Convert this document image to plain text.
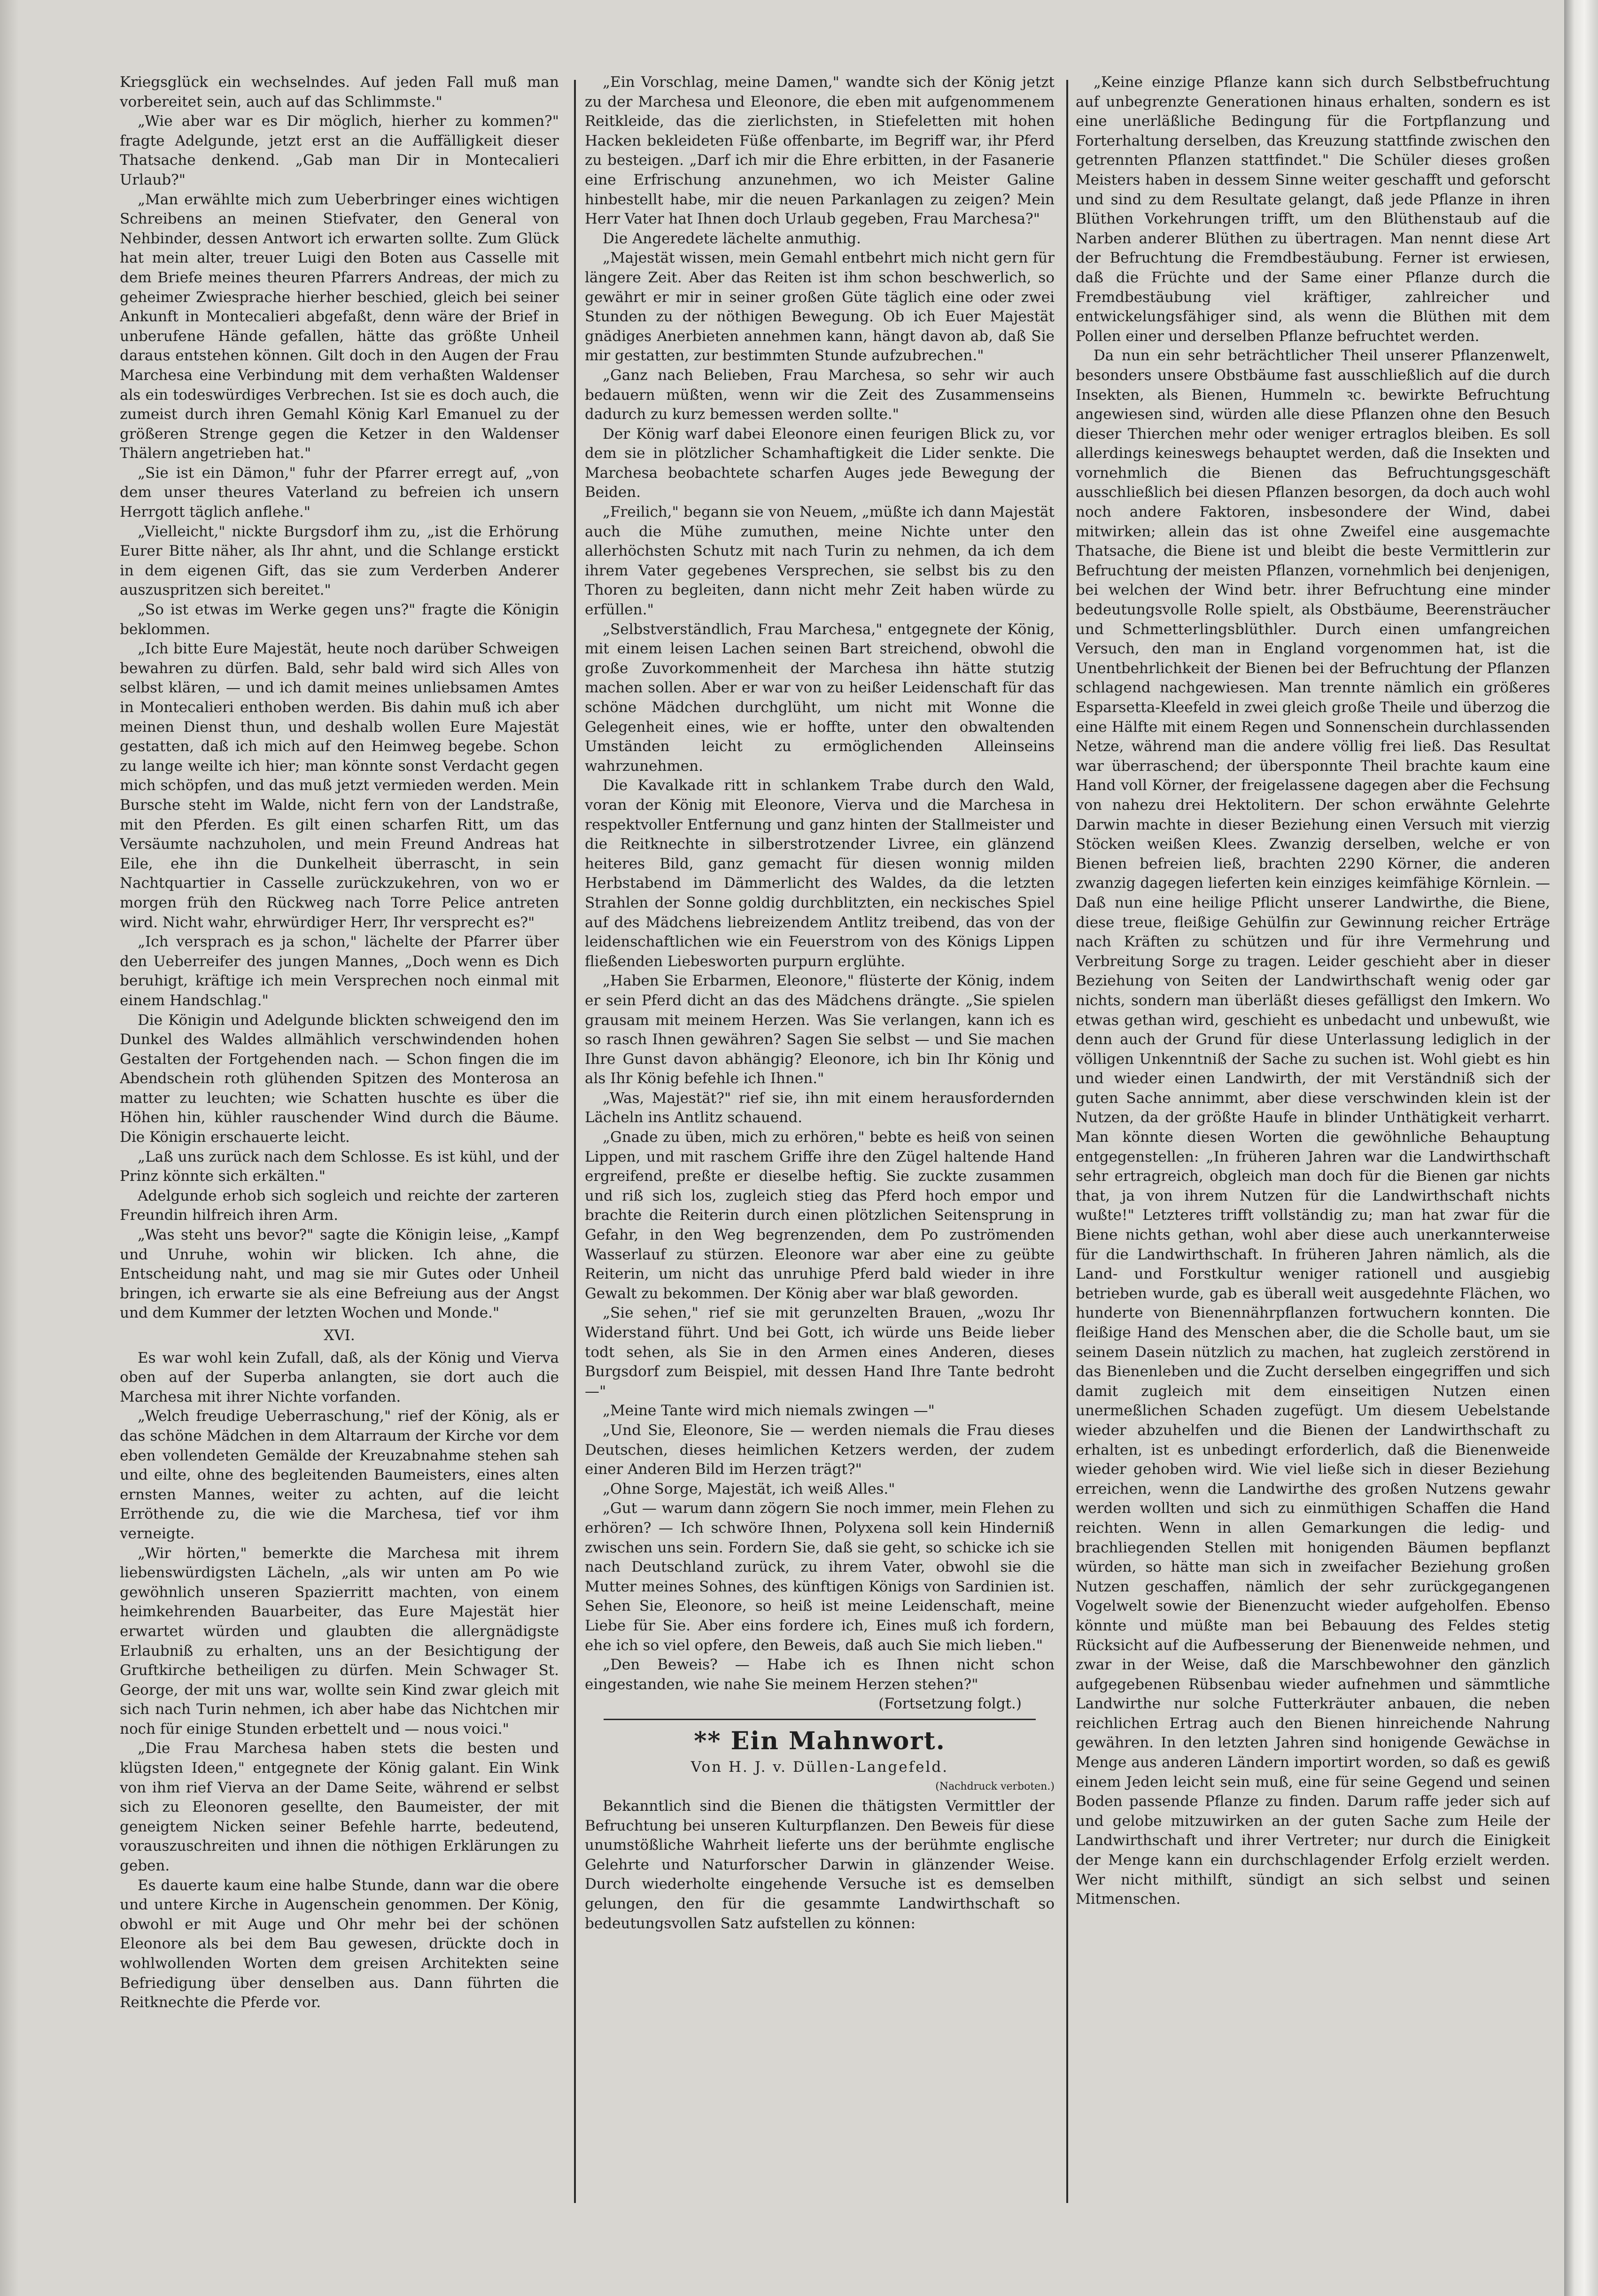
Kriegsglück ein wechselndes. Auf jeden Fall muß man vorbereitet sein, auch auf das Schlimmste."

„Wie aber war es Dir möglich, hierher zu kommen?" fragte Adelgunde, jetzt erst an die Auffälligkeit dieser Thatsache denkend. „Gab man Dir in Montecalieri Urlaub?"

„Man erwählte mich zum Ueberbringer eines wichtigen Schreibens an meinen Stiefvater, den General von Nehbinder, dessen Antwort ich erwarten sollte. Zum Glück hat mein alter, treuer Luigi den Boten aus Casselle mit dem Briefe meines theuren Pfarrers Andreas, der mich zu geheimer Zwiesprache hierher beschied, gleich bei seiner Ankunft in Montecalieri abgefaßt, denn wäre der Brief in unberufene Hände gefallen, hätte das größte Unheil daraus entstehen können. Gilt doch in den Augen der Frau Marchesa eine Verbindung mit dem verhaßten Waldenser als ein todeswürdiges Verbrechen. Ist sie es doch auch, die zumeist durch ihren Gemahl König Karl Emanuel zu der größeren Strenge gegen die Ketzer in den Waldenser Thälern angetrieben hat."

„Sie ist ein Dämon," fuhr der Pfarrer erregt auf, „von dem unser theures Vaterland zu befreien ich unsern Herrgott täglich anflehe."

„Vielleicht," nickte Burgsdorf ihm zu, „ist die Erhörung Eurer Bitte näher, als Ihr ahnt, und die Schlange erstickt in dem eigenen Gift, das sie zum Verderben Anderer auszuspritzen sich bereitet."

„So ist etwas im Werke gegen uns?" fragte die Königin beklommen.

„Ich bitte Eure Majestät, heute noch darüber Schweigen bewahren zu dürfen. Bald, sehr bald wird sich Alles von selbst klären, — und ich damit meines unliebsamen Amtes in Montecalieri enthoben werden. Bis dahin muß ich aber meinen Dienst thun, und deshalb wollen Eure Majestät gestatten, daß ich mich auf den Heimweg begebe. Schon zu lange weilte ich hier; man könnte sonst Verdacht gegen mich schöpfen, und das muß jetzt vermieden werden. Mein Bursche steht im Walde, nicht fern von der Landstraße, mit den Pferden. Es gilt einen scharfen Ritt, um das Versäumte nachzuholen, und mein Freund Andreas hat Eile, ehe ihn die Dunkelheit überrascht, in sein Nachtquartier in Casselle zurückzukehren, von wo er morgen früh den Rückweg nach Torre Pelice antreten wird. Nicht wahr, ehrwürdiger Herr, Ihr versprecht es?"

„Ich versprach es ja schon," lächelte der Pfarrer über den Ueberreifer des jungen Mannes, „Doch wenn es Dich beruhigt, kräftige ich mein Versprechen noch einmal mit einem Handschlag."

Die Königin und Adelgunde blickten schweigend den im Dunkel des Waldes allmählich verschwindenden hohen Gestalten der Fortgehenden nach. — Schon fingen die im Abendschein roth glühenden Spitzen des Monterosa an matter zu leuchten; wie Schatten huschte es über die Höhen hin, kühler rauschender Wind durch die Bäume. Die Königin erschauerte leicht.

„Laß uns zurück nach dem Schlosse. Es ist kühl, und der Prinz könnte sich erkälten."

Adelgunde erhob sich sogleich und reichte der zarteren Freundin hilfreich ihren Arm.

„Was steht uns bevor?" sagte die Königin leise, „Kampf und Unruhe, wohin wir blicken. Ich ahne, die Entscheidung naht, und mag sie mir Gutes oder Unheil bringen, ich erwarte sie als eine Befreiung aus der Angst und dem Kummer der letzten Wochen und Monde."

XVI.

Es war wohl kein Zufall, daß, als der König und Vierva oben auf der Superba anlangten, sie dort auch die Marchesa mit ihrer Nichte vorfanden.

„Welch freudige Ueberraschung," rief der König, als er das schöne Mädchen in dem Altarraum der Kirche vor dem eben vollendeten Gemälde der Kreuzabnahme stehen sah und eilte, ohne des begleitenden Baumeisters, eines alten ernsten Mannes, weiter zu achten, auf die leicht Erröthende zu, die wie die Marchesa, tief vor ihm verneigte.

„Wir hörten," bemerkte die Marchesa mit ihrem liebenswürdigsten Lächeln, „als wir unten am Po wie gewöhnlich unseren Spazierritt machten, von einem heimkehrenden Bauarbeiter, das Eure Majestät hier erwartet würden und glaubten die allergnädigste Erlaubniß zu erhalten, uns an der Besichtigung der Gruftkirche betheiligen zu dürfen. Mein Schwager St. George, der mit uns war, wollte sein Kind zwar gleich mit sich nach Turin nehmen, ich aber habe das Nichtchen mir noch für einige Stunden erbettelt und — nous voici."

„Die Frau Marchesa haben stets die besten und klügsten Ideen," entgegnete der König galant. Ein Wink von ihm rief Vierva an der Dame Seite, während er selbst sich zu Eleonoren gesellte, den Baumeister, der mit geneigtem Nicken seiner Befehle harrte, bedeutend, vorauszuschreiten und ihnen die nöthigen Erklärungen zu geben.

Es dauerte kaum eine halbe Stunde, dann war die obere und untere Kirche in Augenschein genommen. Der König, obwohl er mit Auge und Ohr mehr bei der schönen Eleonore als bei dem Bau gewesen, drückte doch in wohlwollenden Worten dem greisen Architekten seine Befriedigung über denselben aus. Dann führten die Reitknechte die Pferde vor.

„Ein Vorschlag, meine Damen," wandte sich der König jetzt zu der Marchesa und Eleonore, die eben mit aufgenommenem Reitkleide, das die zierlichsten, in Stiefeletten mit hohen Hacken bekleideten Füße offenbarte, im Begriff war, ihr Pferd zu besteigen. „Darf ich mir die Ehre erbitten, in der Fasanerie eine Erfrischung anzunehmen, wo ich Meister Galine hinbestellt habe, mir die neuen Parkanlagen zu zeigen? Mein Herr Vater hat Ihnen doch Urlaub gegeben, Frau Marchesa?"

Die Angeredete lächelte anmuthig.

„Majestät wissen, mein Gemahl entbehrt mich nicht gern für längere Zeit. Aber das Reiten ist ihm schon beschwerlich, so gewährt er mir in seiner großen Güte täglich eine oder zwei Stunden zu der nöthigen Bewegung. Ob ich Euer Majestät gnädiges Anerbieten annehmen kann, hängt davon ab, daß Sie mir gestatten, zur bestimmten Stunde aufzubrechen."

„Ganz nach Belieben, Frau Marchesa, so sehr wir auch bedauern müßten, wenn wir die Zeit des Zusammenseins dadurch zu kurz bemessen werden sollte."

Der König warf dabei Eleonore einen feurigen Blick zu, vor dem sie in plötzlicher Schamhaftigkeit die Lider senkte. Die Marchesa beobachtete scharfen Auges jede Bewegung der Beiden.

„Freilich," begann sie von Neuem, „müßte ich dann Majestät auch die Mühe zumuthen, meine Nichte unter den allerhöchsten Schutz mit nach Turin zu nehmen, da ich dem ihrem Vater gegebenes Versprechen, sie selbst bis zu den Thoren zu begleiten, dann nicht mehr Zeit haben würde zu erfüllen."

„Selbstverständlich, Frau Marchesa," entgegnete der König, mit einem leisen Lachen seinen Bart streichend, obwohl die große Zuvorkommenheit der Marchesa ihn hätte stutzig machen sollen. Aber er war von zu heißer Leidenschaft für das schöne Mädchen durchglüht, um nicht mit Wonne die Gelegenheit eines, wie er hoffte, unter den obwaltenden Umständen leicht zu ermöglichenden Alleinseins wahrzunehmen.

Die Kavalkade ritt in schlankem Trabe durch den Wald, voran der König mit Eleonore, Vierva und die Marchesa in respektvoller Entfernung und ganz hinten der Stallmeister und die Reitknechte in silberstrotzender Livree, ein glänzend heiteres Bild, ganz gemacht für diesen wonnig milden Herbstabend im Dämmerlicht des Waldes, da die letzten Strahlen der Sonne goldig durchblitzten, ein neckisches Spiel auf des Mädchens liebreizendem Antlitz treibend, das von der leidenschaftlichen wie ein Feuerstrom von des Königs Lippen fließenden Liebesworten purpurn erglühte.

„Haben Sie Erbarmen, Eleonore," flüsterte der König, indem er sein Pferd dicht an das des Mädchens drängte. „Sie spielen grausam mit meinem Herzen. Was Sie verlangen, kann ich es so rasch Ihnen gewähren? Sagen Sie selbst — und Sie machen Ihre Gunst davon abhängig? Eleonore, ich bin Ihr König und als Ihr König befehle ich Ihnen."

„Was, Majestät?" rief sie, ihn mit einem herausfordernden Lächeln ins Antlitz schauend.

„Gnade zu üben, mich zu erhören," bebte es heiß von seinen Lippen, und mit raschem Griffe ihre den Zügel haltende Hand ergreifend, preßte er dieselbe heftig. Sie zuckte zusammen und riß sich los, zugleich stieg das Pferd hoch empor und brachte die Reiterin durch einen plötzlichen Seitensprung in Gefahr, in den Weg begrenzenden, dem Po zuströmenden Wasserlauf zu stürzen. Eleonore war aber eine zu geübte Reiterin, um nicht das unruhige Pferd bald wieder in ihre Gewalt zu bekommen. Der König aber war blaß geworden.

„Sie sehen," rief sie mit gerunzelten Brauen, „wozu Ihr Widerstand führt. Und bei Gott, ich würde uns Beide lieber todt sehen, als Sie in den Armen eines Anderen, dieses Burgsdorf zum Beispiel, mit dessen Hand Ihre Tante bedroht —"

„Meine Tante wird mich niemals zwingen —"

„Und Sie, Eleonore, Sie — werden niemals die Frau dieses Deutschen, dieses heimlichen Ketzers werden, der zudem einer Anderen Bild im Herzen trägt?"

„Ohne Sorge, Majestät, ich weiß Alles."

„Gut — warum dann zögern Sie noch immer, mein Flehen zu erhören? — Ich schwöre Ihnen, Polyxena soll kein Hinderniß zwischen uns sein. Fordern Sie, daß sie geht, so schicke ich sie nach Deutschland zurück, zu ihrem Vater, obwohl sie die Mutter meines Sohnes, des künftigen Königs von Sardinien ist. Sehen Sie, Eleonore, so heiß ist meine Leidenschaft, meine Liebe für Sie. Aber eins fordere ich, Eines muß ich fordern, ehe ich so viel opfere, den Beweis, daß auch Sie mich lieben."

„Den Beweis? — Habe ich es Ihnen nicht schon eingestanden, wie nahe Sie meinem Herzen stehen?"

(Fortsetzung folgt.)

** Ein Mahnwort.
Von H. J. v. Düllen-Langefeld.
(Nachdruck verboten.)

Bekanntlich sind die Bienen die thätigsten Vermittler der Befruchtung bei unseren Kulturpflanzen. Den Beweis für diese unumstößliche Wahrheit lieferte uns der berühmte englische Gelehrte und Naturforscher Darwin in glänzender Weise. Durch wiederholte eingehende Versuche ist es demselben gelungen, den für die gesammte Landwirthschaft so bedeutungsvollen Satz aufstellen zu können:

„Keine einzige Pflanze kann sich durch Selbstbefruchtung auf unbegrenzte Generationen hinaus erhalten, sondern es ist eine unerläßliche Bedingung für die Fortpflanzung und Forterhaltung derselben, das Kreuzung stattfinde zwischen den getrennten Pflanzen stattfindet." Die Schüler dieses großen Meisters haben in dessem Sinne weiter geschafft und geforscht und sind zu dem Resultate gelangt, daß jede Pflanze in ihren Blüthen Vorkehrungen trifft, um den Blüthenstaub auf die Narben anderer Blüthen zu übertragen. Man nennt diese Art der Befruchtung die Fremdbestäubung. Ferner ist erwiesen, daß die Früchte und der Same einer Pflanze durch die Fremdbestäubung viel kräftiger, zahlreicher und entwickelungsfähiger sind, als wenn die Blüthen mit dem Pollen einer und derselben Pflanze befruchtet werden.

Da nun ein sehr beträchtlicher Theil unserer Pflanzenwelt, besonders unsere Obstbäume fast ausschließlich auf die durch Insekten, als Bienen, Hummeln ꝛc. bewirkte Befruchtung angewiesen sind, würden alle diese Pflanzen ohne den Besuch dieser Thierchen mehr oder weniger ertraglos bleiben. Es soll allerdings keineswegs behauptet werden, daß die Insekten und vornehmlich die Bienen das Befruchtungsgeschäft ausschließlich bei diesen Pflanzen besorgen, da doch auch wohl noch andere Faktoren, insbesondere der Wind, dabei mitwirken; allein das ist ohne Zweifel eine ausgemachte Thatsache, die Biene ist und bleibt die beste Vermittlerin zur Befruchtung der meisten Pflanzen, vornehmlich bei denjenigen, bei welchen der Wind betr. ihrer Befruchtung eine minder bedeutungsvolle Rolle spielt, als Obstbäume, Beerensträucher und Schmetterlingsblüthler. Durch einen umfangreichen Versuch, den man in England vorgenommen hat, ist die Unentbehrlichkeit der Bienen bei der Befruchtung der Pflanzen schlagend nachgewiesen. Man trennte nämlich ein größeres Esparsetta-Kleefeld in zwei gleich große Theile und überzog die eine Hälfte mit einem Regen und Sonnenschein durchlassenden Netze, während man die andere völlig frei ließ. Das Resultat war überraschend; der übersponnte Theil brachte kaum eine Hand voll Körner, der freigelassene dagegen aber die Fechsung von nahezu drei Hektolitern. Der schon erwähnte Gelehrte Darwin machte in dieser Beziehung einen Versuch mit vierzig Stöcken weißen Klees. Zwanzig derselben, welche er von Bienen befreien ließ, brachten 2290 Körner, die anderen zwanzig dagegen lieferten kein einziges keimfähige Körnlein. — Daß nun eine heilige Pflicht unserer Landwirthe, die Biene, diese treue, fleißige Gehülfin zur Gewinnung reicher Erträge nach Kräften zu schützen und für ihre Vermehrung und Verbreitung Sorge zu tragen. Leider geschieht aber in dieser Beziehung von Seiten der Landwirthschaft wenig oder gar nichts, sondern man überläßt dieses gefälligst den Imkern. Wo etwas gethan wird, geschieht es unbedacht und unbewußt, wie denn auch der Grund für diese Unterlassung lediglich in der völligen Unkenntniß der Sache zu suchen ist. Wohl giebt es hin und wieder einen Landwirth, der mit Verständniß sich der guten Sache annimmt, aber diese verschwinden klein ist der Nutzen, da der größte Haufe in blinder Unthätigkeit verharrt. Man könnte diesen Worten die gewöhnliche Behauptung entgegenstellen: „In früheren Jahren war die Landwirthschaft sehr ertragreich, obgleich man doch für die Bienen gar nichts that, ja von ihrem Nutzen für die Landwirthschaft nichts wußte!" Letzteres trifft vollständig zu; man hat zwar für die Biene nichts gethan, wohl aber diese auch unerkannterweise für die Landwirthschaft. In früheren Jahren nämlich, als die Land- und Forstkultur weniger rationell und ausgiebig betrieben wurde, gab es überall weit ausgedehnte Flächen, wo hunderte von Bienennährpflanzen fortwuchern konnten. Die fleißige Hand des Menschen aber, die die Scholle baut, um sie seinem Dasein nützlich zu machen, hat zugleich zerstörend in das Bienenleben und die Zucht derselben eingegriffen und sich damit zugleich mit dem einseitigen Nutzen einen unermeßlichen Schaden zugefügt. Um diesem Uebelstande wieder abzuhelfen und die Bienen der Landwirthschaft zu erhalten, ist es unbedingt erforderlich, daß die Bienenweide wieder gehoben wird. Wie viel ließe sich in dieser Beziehung erreichen, wenn die Landwirthe des großen Nutzens gewahr werden wollten und sich zu einmüthigen Schaffen die Hand reichten. Wenn in allen Gemarkungen die ledig- und brachliegenden Stellen mit honigenden Bäumen bepflanzt würden, so hätte man sich in zweifacher Beziehung großen Nutzen geschaffen, nämlich der sehr zurückgegangenen Vogelwelt sowie der Bienenzucht wieder aufgeholfen. Ebenso könnte und müßte man bei Bebauung des Feldes stetig Rücksicht auf die Aufbesserung der Bienenweide nehmen, und zwar in der Weise, daß die Marschbewohner den gänzlich aufgegebenen Rübsenbau wieder aufnehmen und sämmtliche Landwirthe nur solche Futterkräuter anbauen, die neben reichlichen Ertrag auch den Bienen hinreichende Nahrung gewähren. In den letzten Jahren sind honigende Gewächse in Menge aus anderen Ländern importirt worden, so daß es gewiß einem Jeden leicht sein muß, eine für seine Gegend und seinen Boden passende Pflanze zu finden. Darum raffe jeder sich auf und gelobe mitzuwirken an der guten Sache zum Heile der Landwirthschaft und ihrer Vertreter; nur durch die Einigkeit der Menge kann ein durchschlagender Erfolg erzielt werden. Wer nicht mithilft, sündigt an sich selbst und seinen Mitmenschen.
